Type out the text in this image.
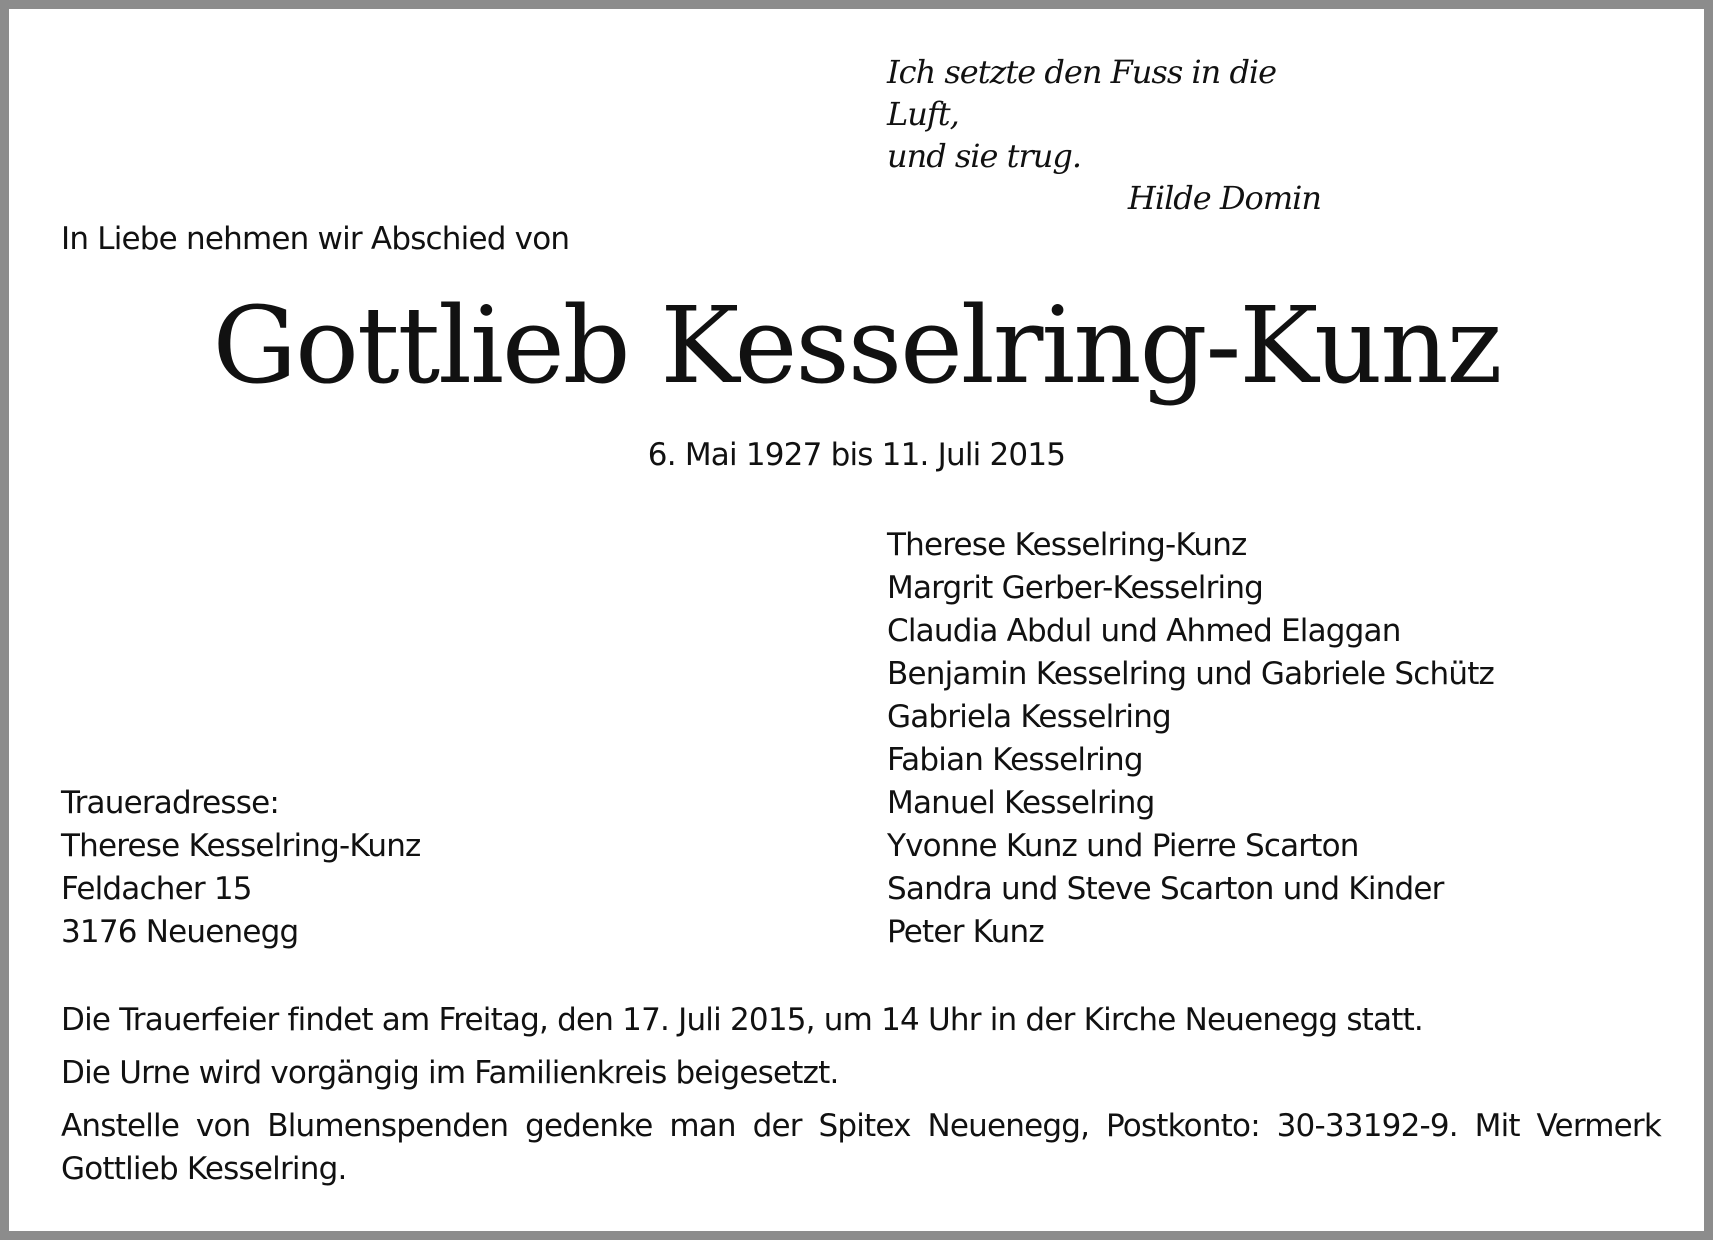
Ich setzte den Fuss in die Luft,
und sie trug.
Hilde Domin
In Liebe nehmen wir Abschied von
Gottlieb Kesselring-Kunz
6. Mai 1927 bis 11. Juli 2015
Therese Kesselring-Kunz
Margrit Gerber-Kesselring
Claudia Abdul und Ahmed Elaggan
Benjamin Kesselring und Gabriele Schütz
Gabriela Kesselring
Fabian Kesselring
Manuel Kesselring
Yvonne Kunz und Pierre Scarton
Sandra und Steve Scarton und Kinder
Peter Kunz
Traueradresse:
Therese Kesselring-Kunz
Feldacher 15
3176 Neuenegg

Die Trauerfeier findet am Freitag, den 17. Juli 2015, um 14 Uhr in der Kirche Neuenegg statt.

Die Urne wird vorgängig im Familienkreis beigesetzt.

Anstelle von Blumenspenden gedenke man der Spitex Neuenegg, Postkonto: 30-33192-9. Mit Vermerk Gottlieb Kesselring.
